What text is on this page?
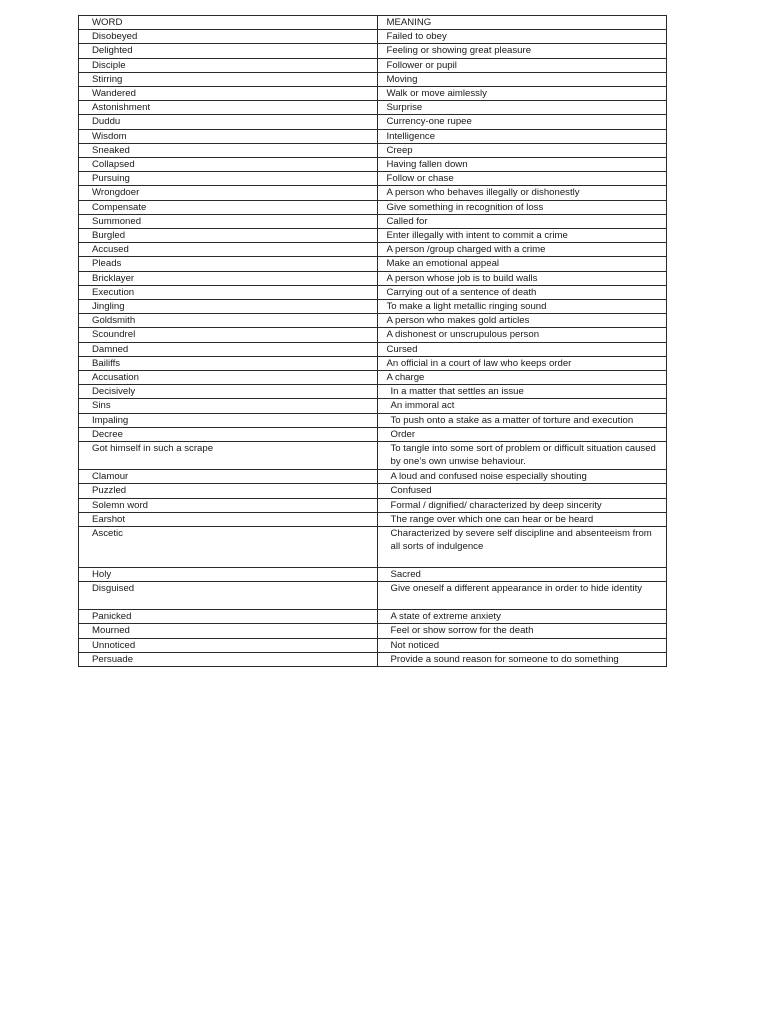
WORD	MEANING
Disobeyed	Failed to obey
Delighted	Feeling or showing great pleasure
Disciple	Follower or pupil
Stirring	Moving
Wandered	Walk or move aimlessly
Astonishment	Surprise
Duddu	Currency-one rupee
Wisdom	Intelligence
Sneaked	Creep
Collapsed	Having fallen down
Pursuing	Follow or chase
Wrongdoer	A person who behaves illegally or dishonestly
Compensate	Give something in recognition of loss
Summoned	Called for
Burgled	Enter illegally with intent to commit a crime
Accused	A person /group charged with a crime
Pleads	Make an emotional appeal
Bricklayer	A person whose job is to build walls
Execution	Carrying out of a sentence of death
Jingling	To make a light metallic ringing sound
Goldsmith	A person who makes gold articles
Scoundrel	A dishonest or unscrupulous person
Damned	Cursed
Bailiffs	An official in a court of law who keeps order
Accusation	A charge
Decisively	In a matter that settles an issue
Sins	An immoral act
Impaling	To push onto a stake as a matter of torture and execution
Decree	Order
Got himself in such a scrape	To tangle into some sort of problem or difficult situation caused by one’s own unwise behaviour.
Clamour	A loud and confused noise especially shouting
Puzzled	Confused
Solemn word	Formal / dignified/ characterized by deep sincerity
Earshot	The range over which one can hear or be heard
Ascetic	Characterized by severe self discipline and absenteeism from all sorts of indulgence
Holy	Sacred
Disguised	Give oneself a different appearance in order to hide identity
Panicked	A state of extreme anxiety
Mourned	Feel or show sorrow for the death
Unnoticed	Not noticed
Persuade	Provide a sound reason for someone to do something
